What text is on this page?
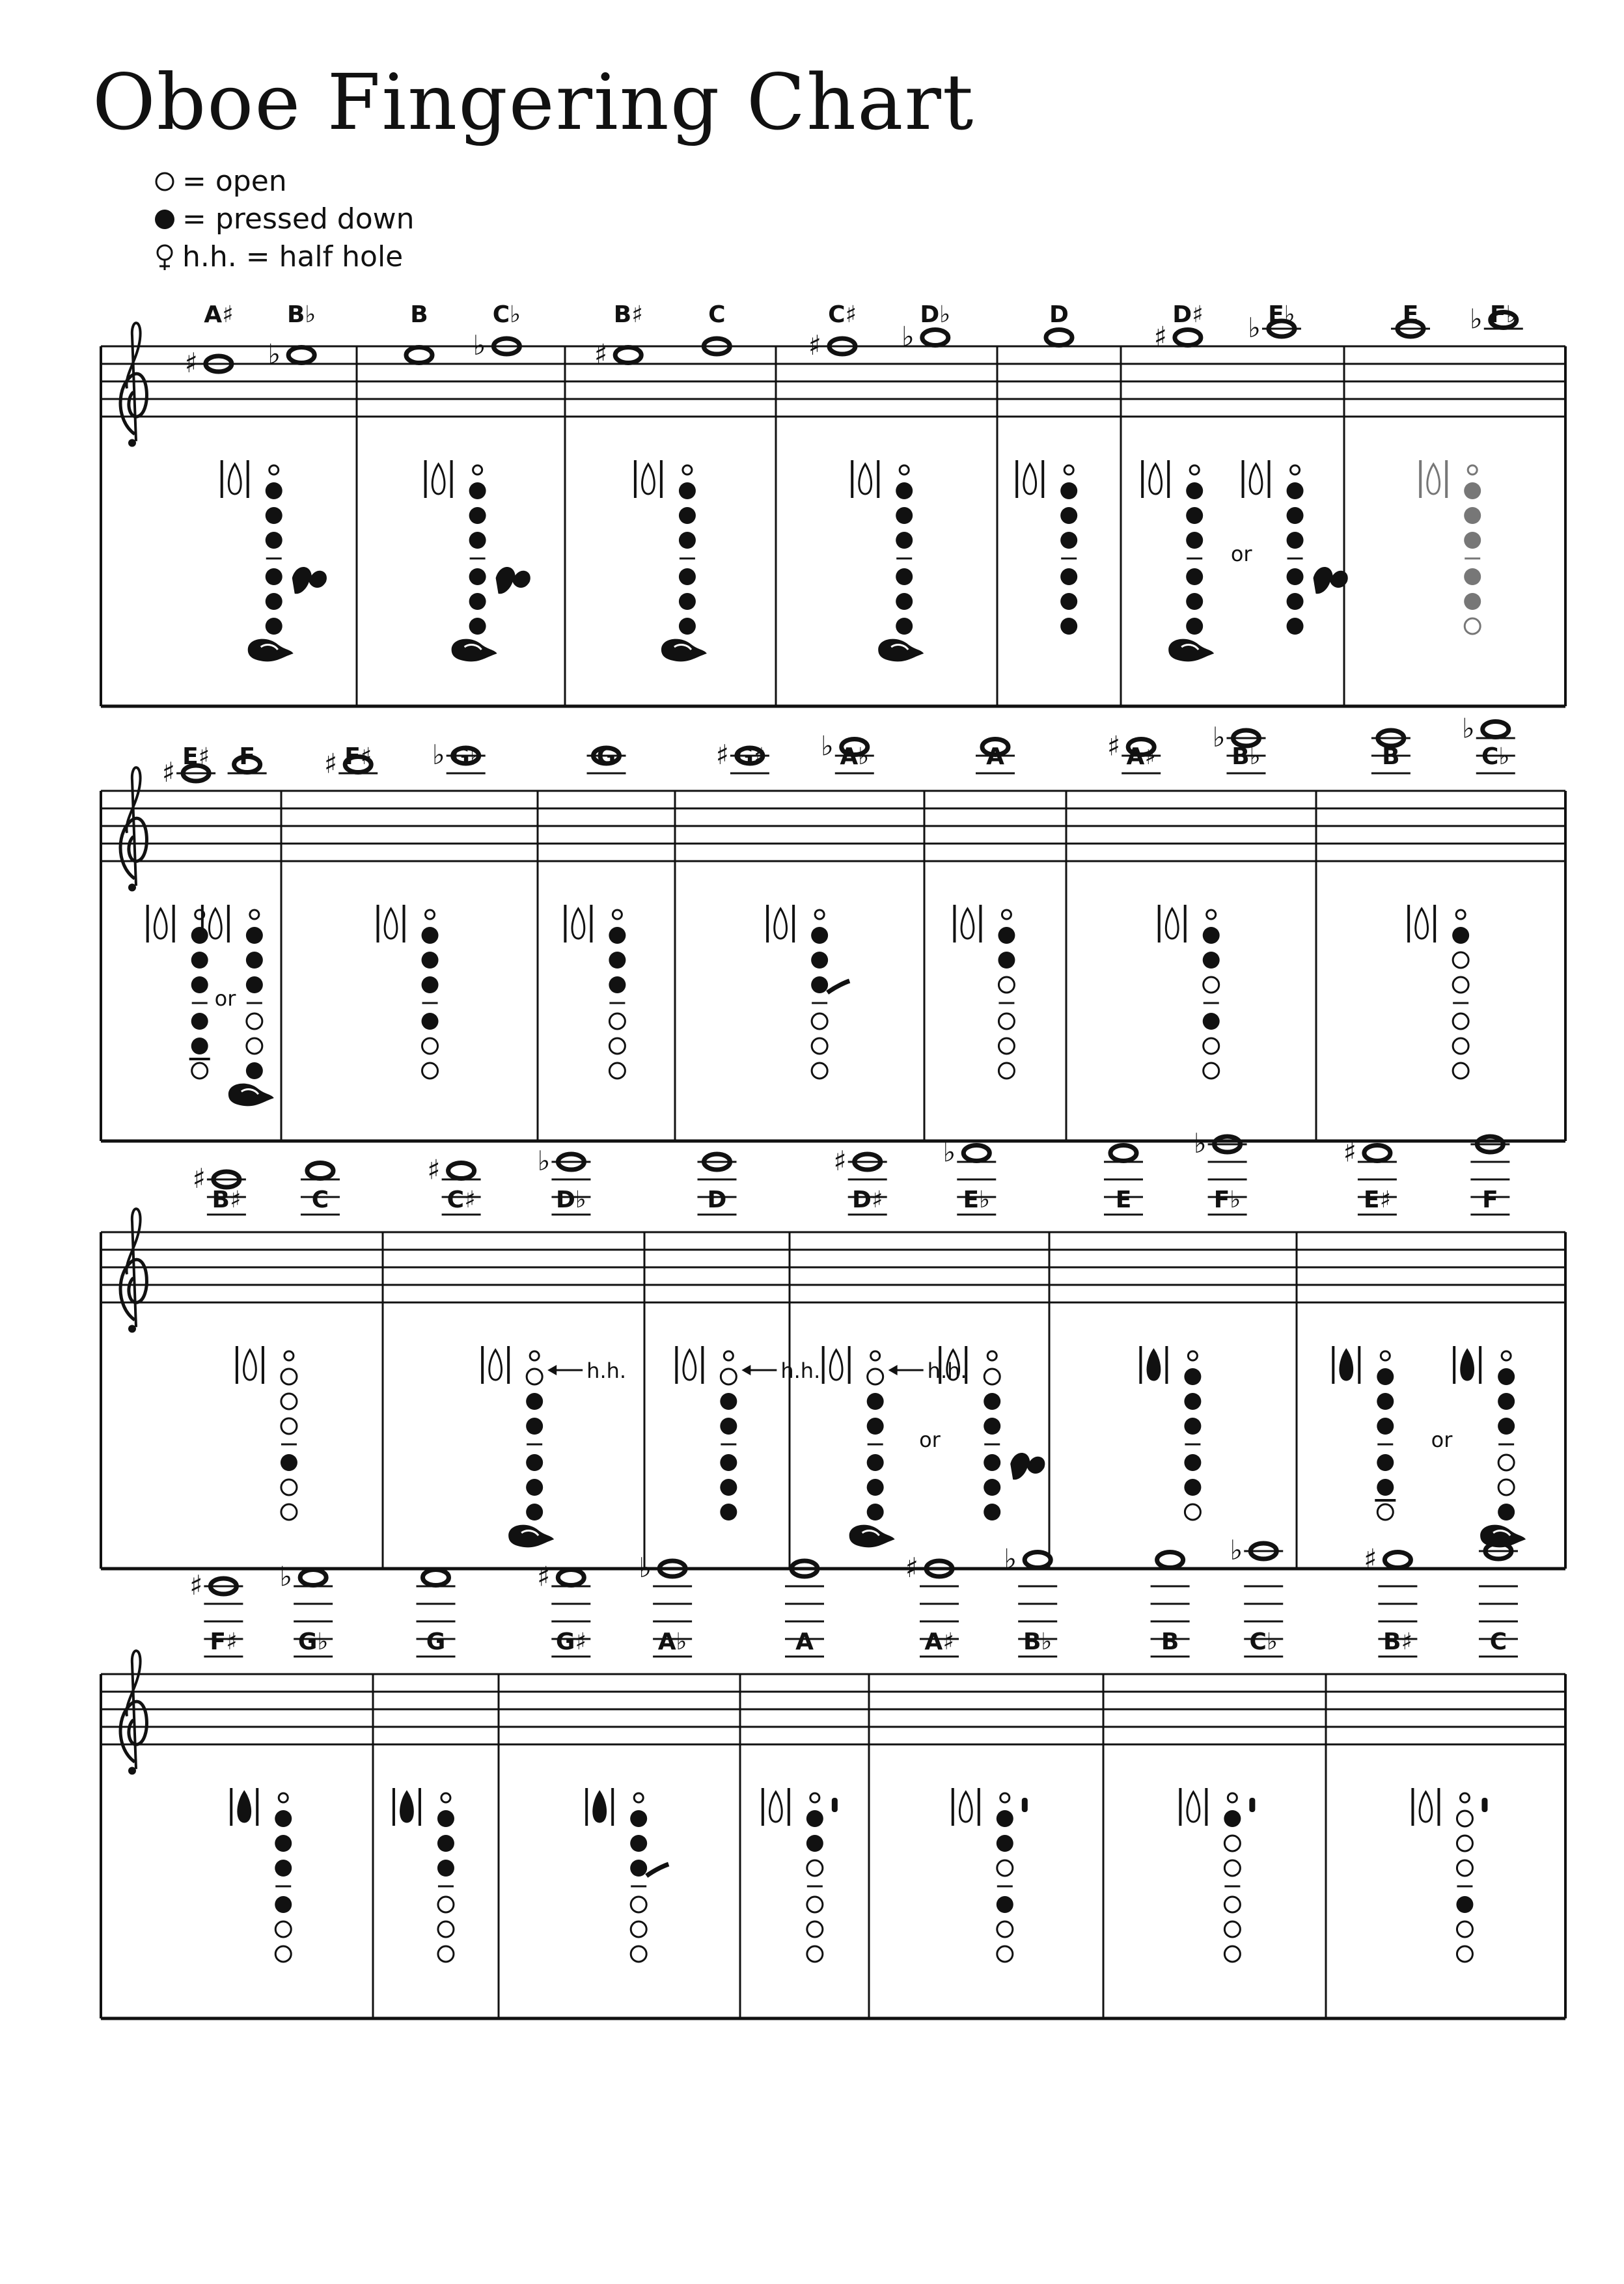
Oboe Fingering Chart
= open
= pressed down
h.h. = half hole
A♯
♯
B♭
♭
B	C♭
♭
B♯
♯
C	C♯
♯
D♭
♭
D	D♯
♯
E♭
♭
or
E	F♭
♭
E♯
♯	F
or
F♯
♯	G♭
♭	G	G♯
♯	A♭
♭	A	A♯
♯	B♭
♭
B	C♭
♭
B♯
♯
C	C♯
♯
D♭
♭
h.h.
D
h.h.
D♯
♯
E♭
♭
h.h.
or
E	F♭
♭
E♯
♯
F
or
F♯
♯
G♭
♭
G	G♯
♯
A♭
♭
A	A♯
♯
B♭
♭
B	C♭
♭
B♯
♯
C
